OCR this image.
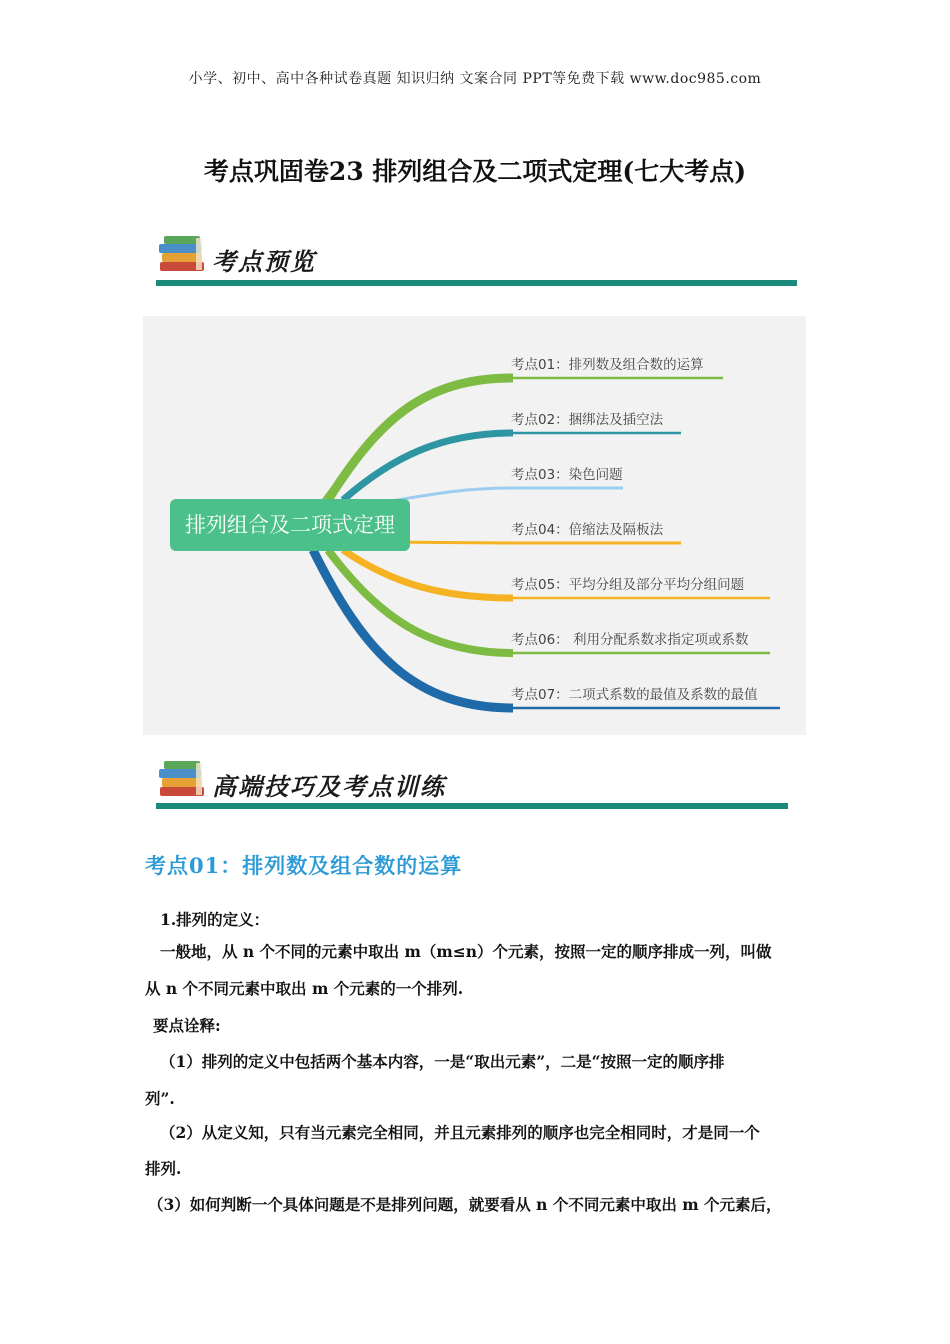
小学、初中、高中各种试卷真题 知识归纳 文案合同 PPT等免费下载 www.doc985.com
考点巩固卷23 排列组合及二项式定理(七大考点)
考点预览
排列组合及二项式定理
考点01：排列数及组合数的运算
考点02：捆绑法及插空法
考点03：染色问题
考点04：倍缩法及隔板法
考点05：平均分组及部分平均分组问题
考点06： 利用分配系数求指定项或系数
考点07：二项式系数的最值及系数的最值
高端技巧及考点训练
考点01：排列数及组合数的运算
1.排列的定义：
一般地，从 n 个不同的元素中取出 m（m≤n）个元素，按照一定的顺序排成一列，叫做
从 n 个不同元素中取出 m 个元素的一个排列.
要点诠释:
（1）排列的定义中包括两个基本内容，一是“取出元素”，二是“按照一定的顺序排
列”.
（2）从定义知，只有当元素完全相同，并且元素排列的顺序也完全相同时，才是同一个
排列.
（3）如何判断一个具体问题是不是排列问题，就要看从 n 个不同元素中取出 m 个元素后，
